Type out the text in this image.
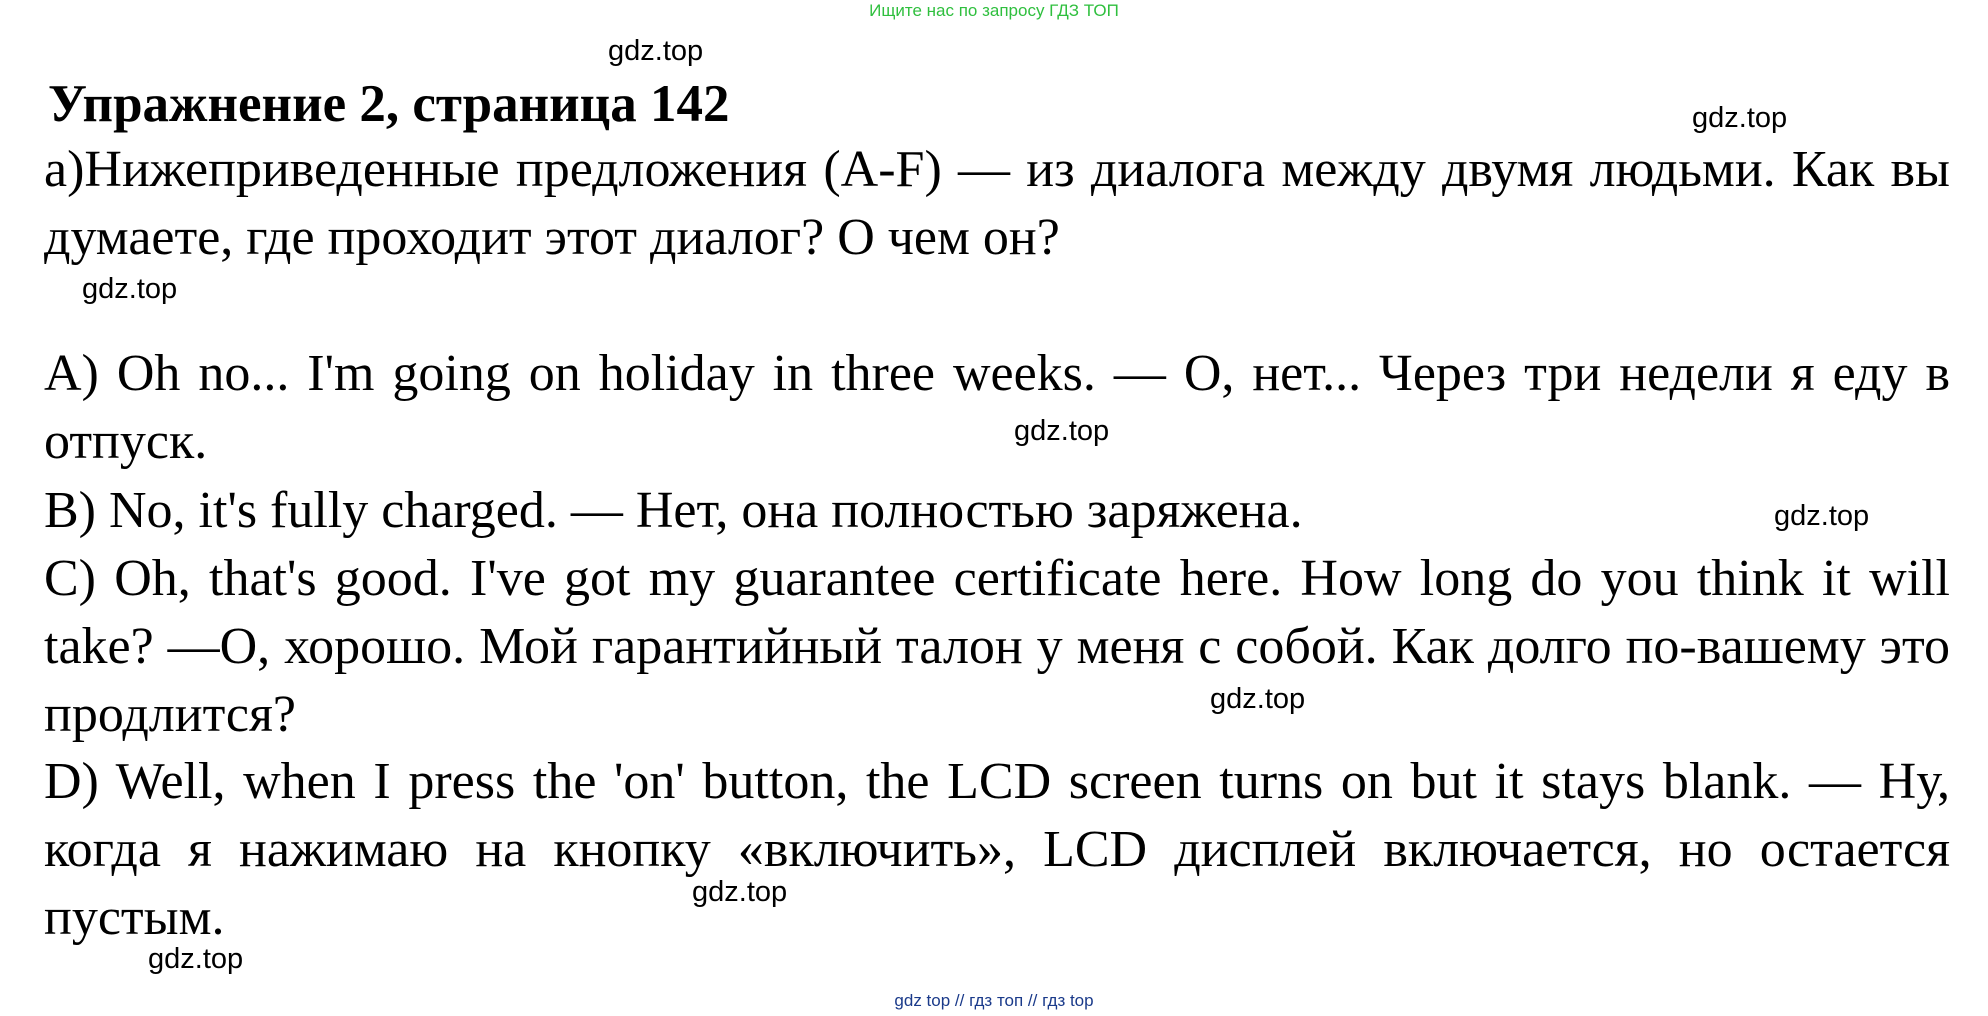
Ищите нас по запросу ГДЗ ТОП
gdz.top
Упражнение 2, страница 142	gdz.top
a)Нижеприведенные предложения (A-F) — из диалога между двумя людьми. Как вы думаете, где проходит этот диалог? О чем он?
gdz.top
A) Oh no... I'm going on holiday in three weeks. — О, нет... Через три недели я еду в отпуск.	gdz.top
B) No, it's fully charged. — Нет, она полностью заряжена.	gdz.top
C) Oh, that's good. I've got my guarantee certificate here. How long do you think it will take? —О, хорошо. Мой гарантийный талон у меня с собой. Как долго по-вашему это продлится?	gdz.top
D) Well, when I press the 'on' button, the LCD screen turns on but it stays blank. — Ну, когда я нажимаю на кнопку «включить», LCD дисплей включается, но остается пустым.	gdz.top
gdz.top
gdz top // гдз топ // гдз top
